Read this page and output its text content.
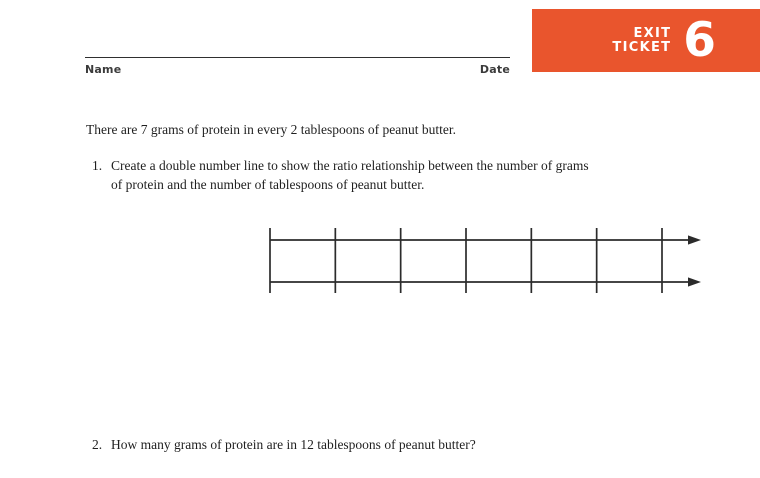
Name	Date
EXIT
TICKET 6
There are 7 grams of protein in every 2 tablespoons of peanut butter.
1. Create a double number line to show the ratio relationship between the number of grams
of protein and the number of tablespoons of peanut butter.
2. How many grams of protein are in 12 tablespoons of peanut butter?
